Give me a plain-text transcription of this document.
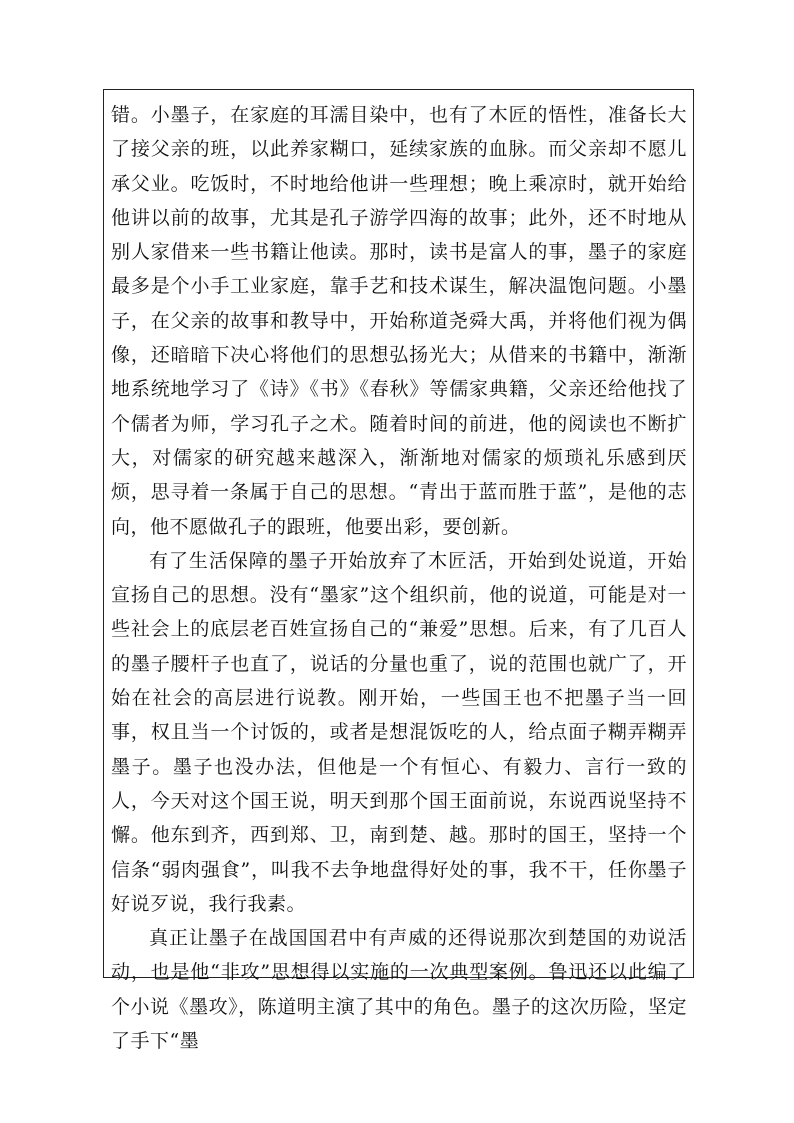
错。小墨子，在家庭的耳濡目染中，也有了木匠的悟性，准备长大了接父亲的班，以此养家糊口，延续家族的血脉。而父亲却不愿儿承父业。吃饭时，不时地给他讲一些理想；晚上乘凉时，就开始给他讲以前的故事，尤其是孔子游学四海的故事；此外，还不时地从别人家借来一些书籍让他读。那时，读书是富人的事，墨子的家庭最多是个小手工业家庭，靠手艺和技术谋生，解决温饱问题。小墨子，在父亲的故事和教导中，开始称道尧舜大禹，并将他们视为偶像，还暗暗下决心将他们的思想弘扬光大；从借来的书籍中，渐渐地系统地学习了《诗》《书》《春秋》等儒家典籍，父亲还给他找了个儒者为师，学习孔子之术。随着时间的前进，他的阅读也不断扩大，对儒家的研究越来越深入，渐渐地对儒家的烦琐礼乐感到厌烦，思寻着一条属于自己的思想。“青出于蓝而胜于蓝”，是他的志向，他不愿做孔子的跟班，他要出彩，要创新。

有了生活保障的墨子开始放弃了木匠活，开始到处说道，开始宣扬自己的思想。没有“墨家”这个组织前，他的说道，可能是对一些社会上的底层老百姓宣扬自己的“兼爱”思想。后来，有了几百人的墨子腰杆子也直了，说话的分量也重了，说的范围也就广了，开始在社会的高层进行说教。刚开始，一些国王也不把墨子当一回事，权且当一个讨饭的，或者是想混饭吃的人，给点面子糊弄糊弄墨子。墨子也没办法，但他是一个有恒心、有毅力、言行一致的人，今天对这个国王说，明天到那个国王面前说，东说西说坚持不懈。他东到齐，西到郑、卫，南到楚、越。那时的国王，坚持一个信条“弱肉强食”，叫我不去争地盘得好处的事，我不干，任你墨子好说歹说，我行我素。

真正让墨子在战国国君中有声威的还得说那次到楚国的劝说活动，也是他“非攻”思想得以实施的一次典型案例。鲁迅还以此编了个小说《墨攻》，陈道明主演了其中的角色。墨子的这次历险，坚定了手下“墨
